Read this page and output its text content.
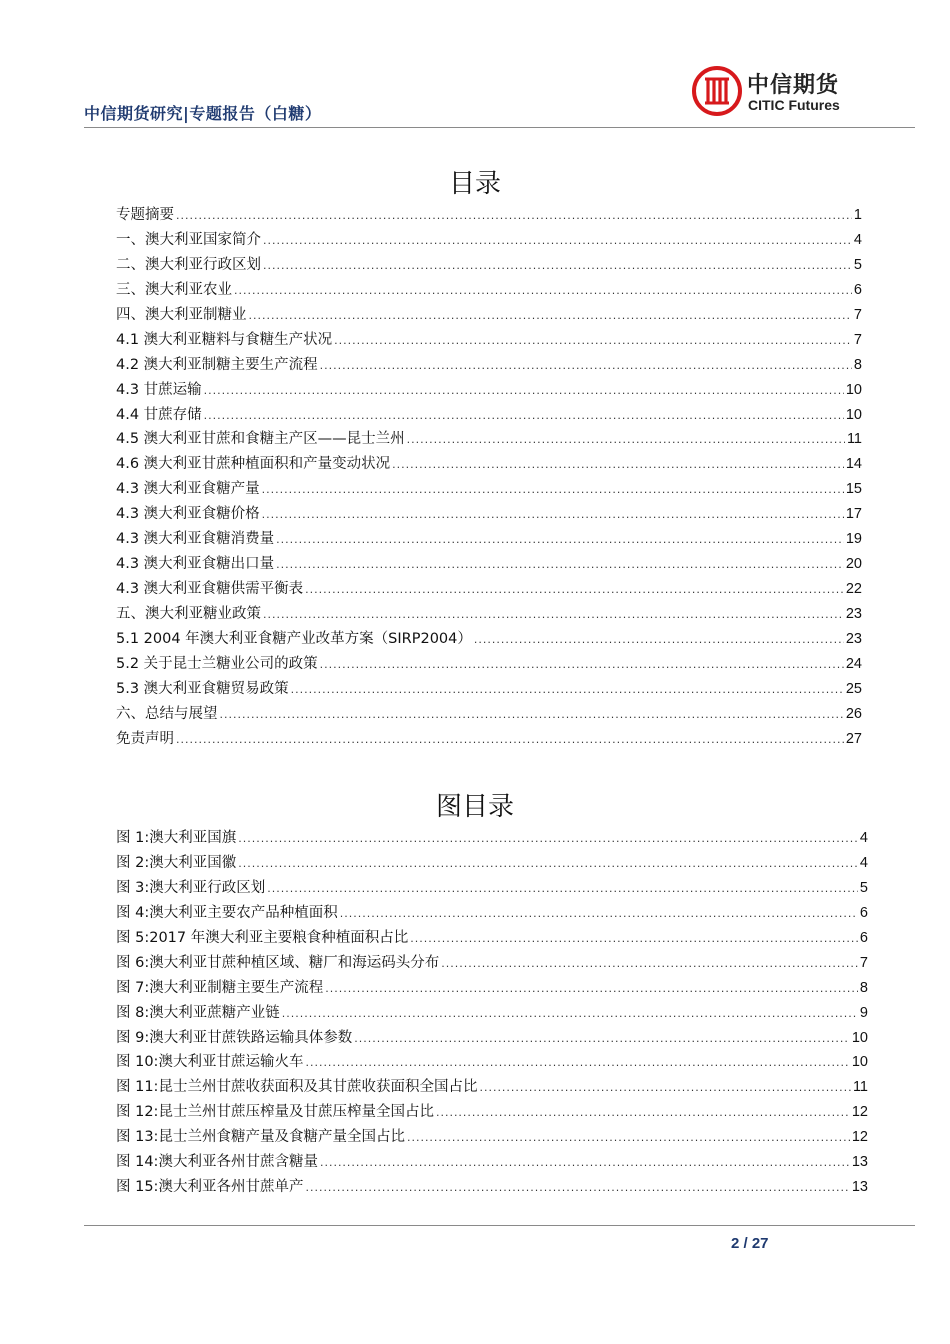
中信期货研究|专题报告（白糖）
中信期货
CITIC Futures
目录
专题摘要 .....	1
一、澳大利亚国家简介 .....	4
二、澳大利亚行政区划 .....	5
三、澳大利亚农业 .....	6
四、澳大利亚制糖业 .....	7
4.1 澳大利亚糖料与食糖生产状况 .....	7
4.2 澳大利亚制糖主要生产流程 .....	8
4.3 甘蔗运输 .....	10
4.4 甘蔗存储 .....	10
4.5 澳大利亚甘蔗和食糖主产区——昆士兰州 .....	11
4.6 澳大利亚甘蔗种植面积和产量变动状况 .....	14
4.3 澳大利亚食糖产量 .....	15
4.3 澳大利亚食糖价格 .....	17
4.3 澳大利亚食糖消费量 .....	19
4.3 澳大利亚食糖出口量 .....	20
4.3 澳大利亚食糖供需平衡表 .....	22
五、澳大利亚糖业政策 .....	23
5.1 2004 年澳大利亚食糖产业改革方案（SIRP2004） .....	23
5.2 关于昆士兰糖业公司的政策 .....	24
5.3 澳大利亚食糖贸易政策 .....	25
六、总结与展望 .....	26
免责声明 .....	27
图目录
图 1:澳大利亚国旗 .....	4
图 2:澳大利亚国徽 .....	4
图 3:澳大利亚行政区划 .....	5
图 4:澳大利亚主要农产品种植面积 .....	6
图 5:2017 年澳大利亚主要粮食种植面积占比 .....	6
图 6:澳大利亚甘蔗种植区域、糖厂和海运码头分布 .....	7
图 7:澳大利亚制糖主要生产流程 .....	8
图 8:澳大利亚蔗糖产业链 .....	9
图 9:澳大利亚甘蔗铁路运输具体参数 .....	10
图 10:澳大利亚甘蔗运输火车 .....	10
图 11:昆士兰州甘蔗收获面积及其甘蔗收获面积全国占比 .....	11
图 12:昆士兰州甘蔗压榨量及甘蔗压榨量全国占比 .....	12
图 13:昆士兰州食糖产量及食糖产量全国占比 .....	12
图 14:澳大利亚各州甘蔗含糖量 .....	13
图 15:澳大利亚各州甘蔗单产 .....	13
2 / 27
